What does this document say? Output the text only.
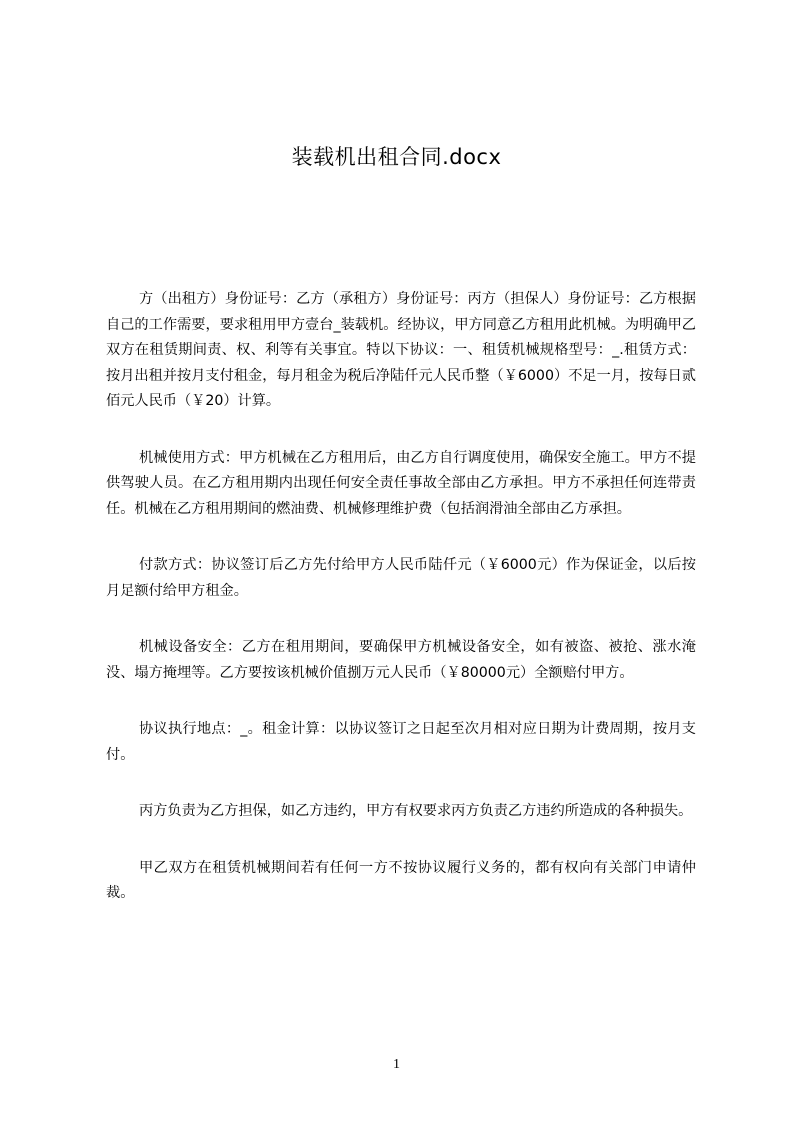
装载机出租合同.docx

方（出租方）身份证号：乙方（承租方）身份证号：丙方（担保人）身份证号：乙方根据自己的工作需要，要求租用甲方壹台_装载机。经协议，甲方同意乙方租用此机械。为明确甲乙双方在租赁期间责、权、利等有关事宜。特以下协议：一、租赁机械规格型号：_.租赁方式：按月出租并按月支付租金，每月租金为税后净陆仟元人民币整（￥6000）不足一月，按每日贰佰元人民币（￥20）计算。

机械使用方式：甲方机械在乙方租用后，由乙方自行调度使用，确保安全施工。甲方不提供驾驶人员。在乙方租用期内出现任何安全责任事故全部由乙方承担。甲方不承担任何连带责任。机械在乙方租用期间的燃油费、机械修理维护费（包括润滑油全部由乙方承担。

付款方式：协议签订后乙方先付给甲方人民币陆仟元（￥6000元）作为保证金，以后按月足额付给甲方租金。

机械设备安全：乙方在租用期间，要确保甲方机械设备安全，如有被盗、被抢、涨水淹没、塌方掩埋等。乙方要按该机械价值捌万元人民币（￥80000元）全额赔付甲方。

协议执行地点：_。租金计算：以协议签订之日起至次月相对应日期为计费周期，按月支付。

丙方负责为乙方担保，如乙方违约，甲方有权要求丙方负责乙方违约所造成的各种损失。

甲乙双方在租赁机械期间若有任何一方不按协议履行义务的，都有权向有关部门申请仲裁。

1
